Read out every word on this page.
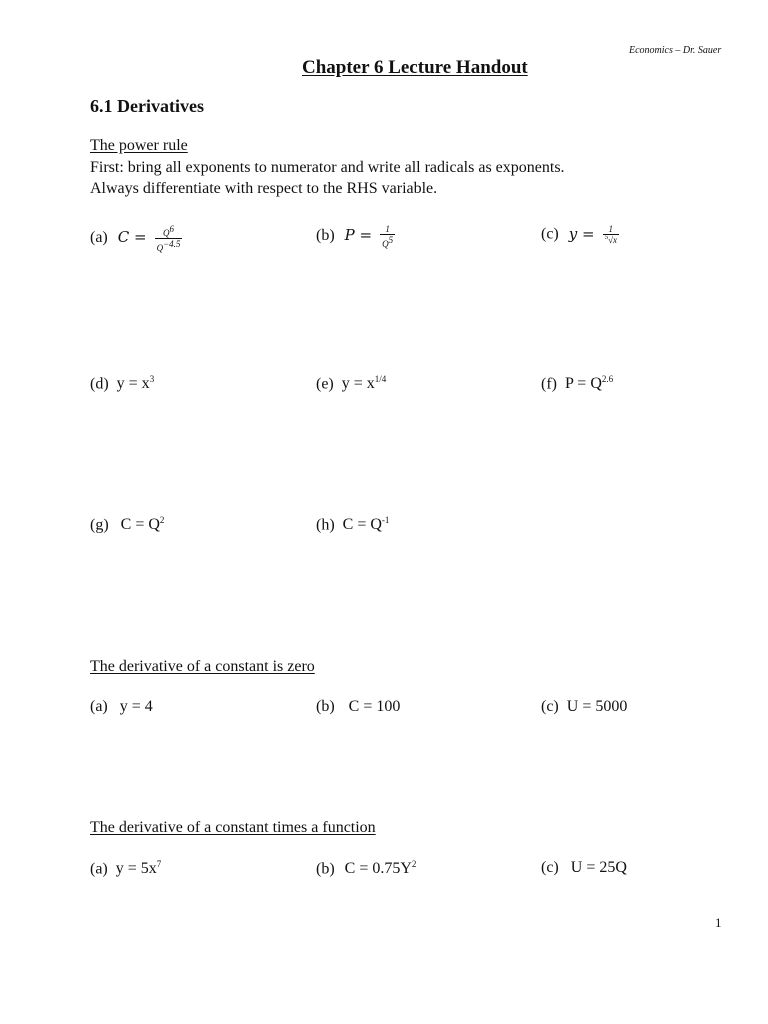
Economics – Dr. Sauer
Chapter 6 Lecture Handout
6.1 Derivatives
The power rule
First: bring all exponents to numerator and write all radicals as exponents.
Always differentiate with respect to the RHS variable.
(a) $C = \frac{Q^6}{Q^{-4.5}}$	(b) $P = \frac{1}{Q^5}$	(c) $y = \frac{1}{^5√x}$
(d) $y = x^3$	(e) $y = x^{1/4}$	(f) $P = Q^{2.6}$
(g) $C = Q^2$	(h) $C = Q^{-1}$
The derivative of a constant is zero
(a) y = 4	(b) C = 100	(c) U = 5000
The derivative of a constant times a function
(a) $y = 5x^7$	(b) $C = 0.75Y^2$	(c) U = 25Q
1
